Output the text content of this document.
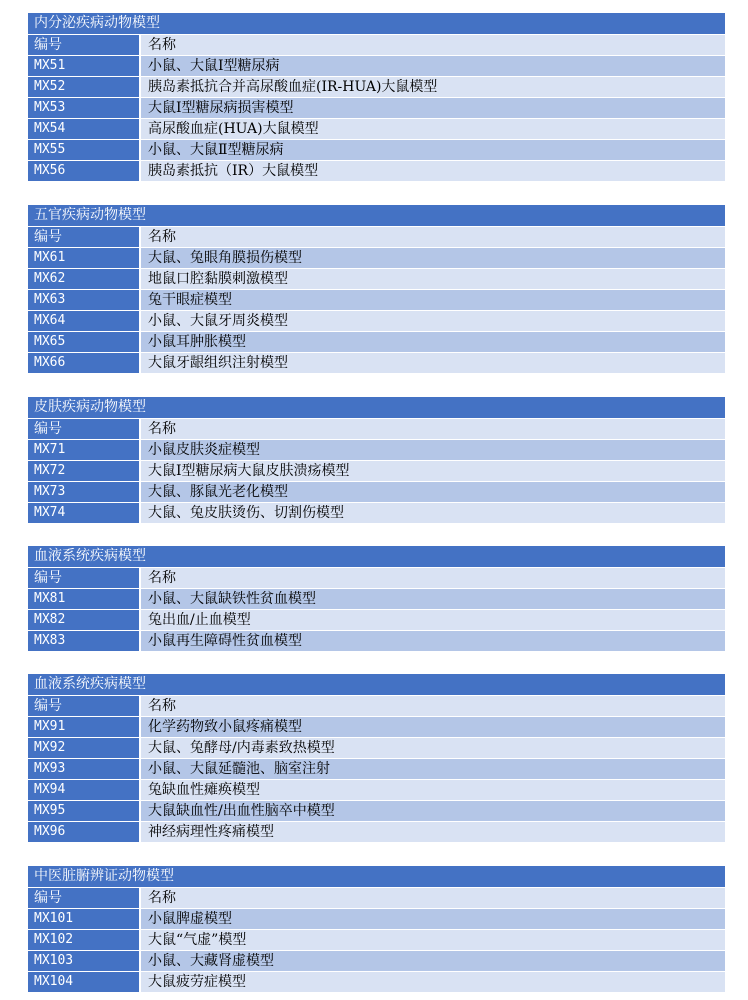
内分泌疾病动物模型
编号	名称
MX51	小鼠、大鼠Ⅰ型糖尿病
MX52	胰岛素抵抗合并高尿酸血症(IR-HUA)大鼠模型
MX53	大鼠Ⅰ型糖尿病损害模型
MX54	高尿酸血症(HUA)大鼠模型
MX55	小鼠、大鼠Ⅱ型糖尿病
MX56	胰岛素抵抗（IR）大鼠模型
五官疾病动物模型
编号	名称
MX61	大鼠、兔眼角膜损伤模型
MX62	地鼠口腔黏膜刺激模型
MX63	兔干眼症模型
MX64	小鼠、大鼠牙周炎模型
MX65	小鼠耳肿胀模型
MX66	大鼠牙龈组织注射模型
皮肤疾病动物模型
编号	名称
MX71	小鼠皮肤炎症模型
MX72	大鼠Ⅰ型糖尿病大鼠皮肤溃疡模型
MX73	大鼠、豚鼠光老化模型
MX74	大鼠、兔皮肤烫伤、切割伤模型
血液系统疾病模型
编号	名称
MX81	小鼠、大鼠缺铁性贫血模型
MX82	兔出血/止血模型
MX83	小鼠再生障碍性贫血模型
血液系统疾病模型
编号	名称
MX91	化学药物致小鼠疼痛模型
MX92	大鼠、兔酵母/内毒素致热模型
MX93	小鼠、大鼠延髓池、脑室注射
MX94	兔缺血性瘫痪模型
MX95	大鼠缺血性/出血性脑卒中模型
MX96	神经病理性疼痛模型
中医脏腑辨证动物模型
编号	名称
MX101	小鼠脾虚模型
MX102	大鼠“气虚”模型
MX103	小鼠、大藏肾虚模型
MX104	大鼠疲劳症模型
